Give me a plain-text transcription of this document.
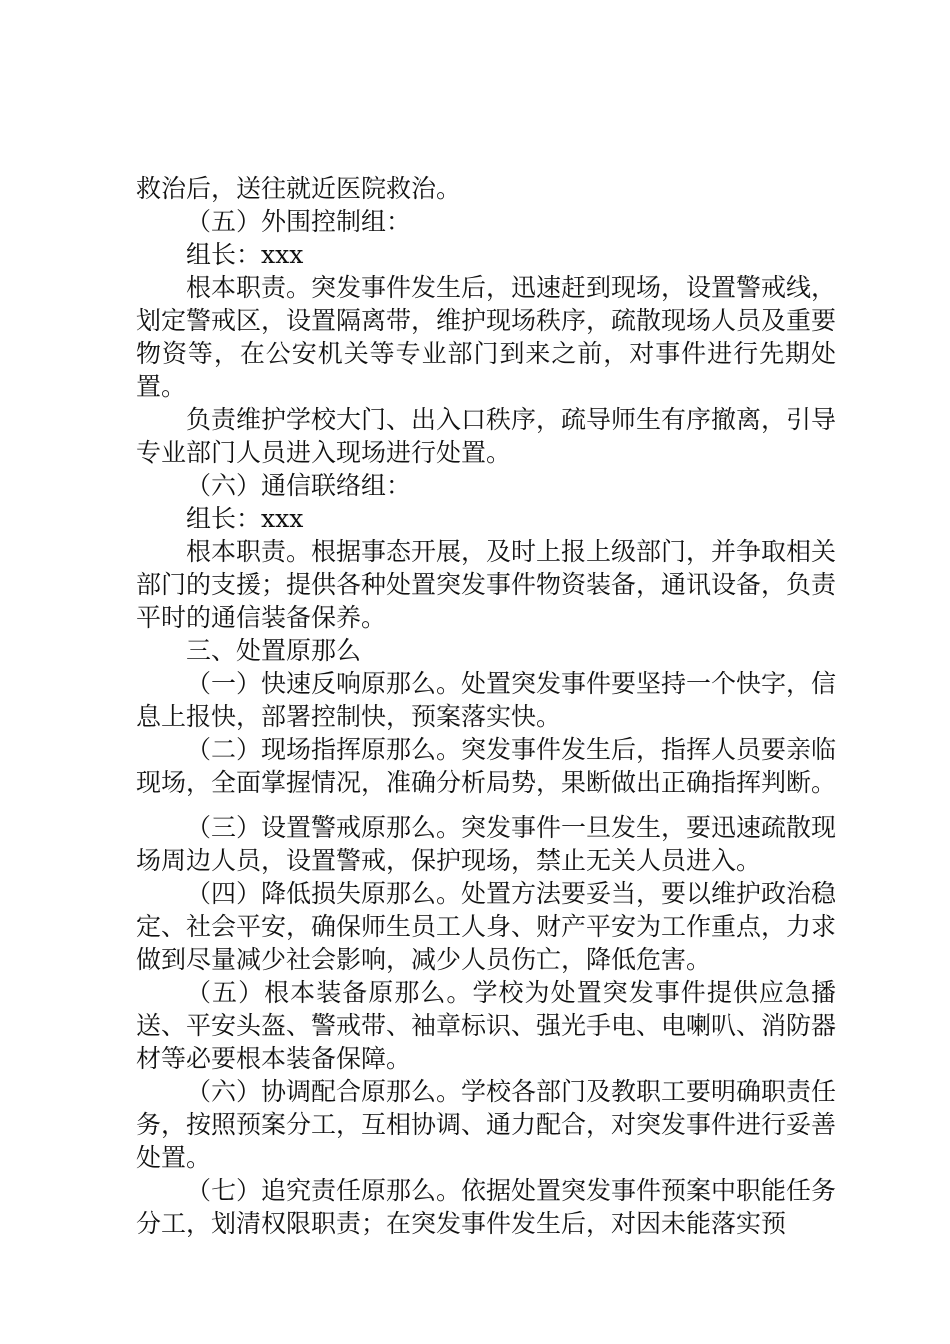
救治后，送往就近医院救治。

（五）外围控制组：

组长：xxx

根本职责。突发事件发生后，迅速赶到现场，设置警戒线，划定警戒区，设置隔离带，维护现场秩序，疏散现场人员及重要物资等，在公安机关等专业部门到来之前，对事件进行先期处置。

负责维护学校大门、出入口秩序，疏导师生有序撤离，引导专业部门人员进入现场进行处置。

（六）通信联络组：

组长：xxx

根本职责。根据事态开展，及时上报上级部门，并争取相关部门的支援；提供各种处置突发事件物资装备，通讯设备，负责平时的通信装备保养。

三、处置原那么

（一）快速反响原那么。处置突发事件要坚持一个快字，信息上报快，部署控制快，预案落实快。

（二）现场指挥原那么。突发事件发生后，指挥人员要亲临现场，全面掌握情况，准确分析局势，果断做出正确指挥判断。

（三）设置警戒原那么。突发事件一旦发生，要迅速疏散现场周边人员，设置警戒，保护现场，禁止无关人员进入。

（四）降低损失原那么。处置方法要妥当，要以维护政治稳定、社会平安，确保师生员工人身、财产平安为工作重点，力求做到尽量减少社会影响，减少人员伤亡，降低危害。

（五）根本装备原那么。学校为处置突发事件提供应急播送、平安头盔、警戒带、袖章标识、强光手电、电喇叭、消防器材等必要根本装备保障。

（六）协调配合原那么。学校各部门及教职工要明确职责任务，按照预案分工，互相协调、通力配合，对突发事件进行妥善处置。

（七）追究责任原那么。依据处置突发事件预案中职能任务分工，划清权限职责；在突发事件发生后，对因未能落实预
